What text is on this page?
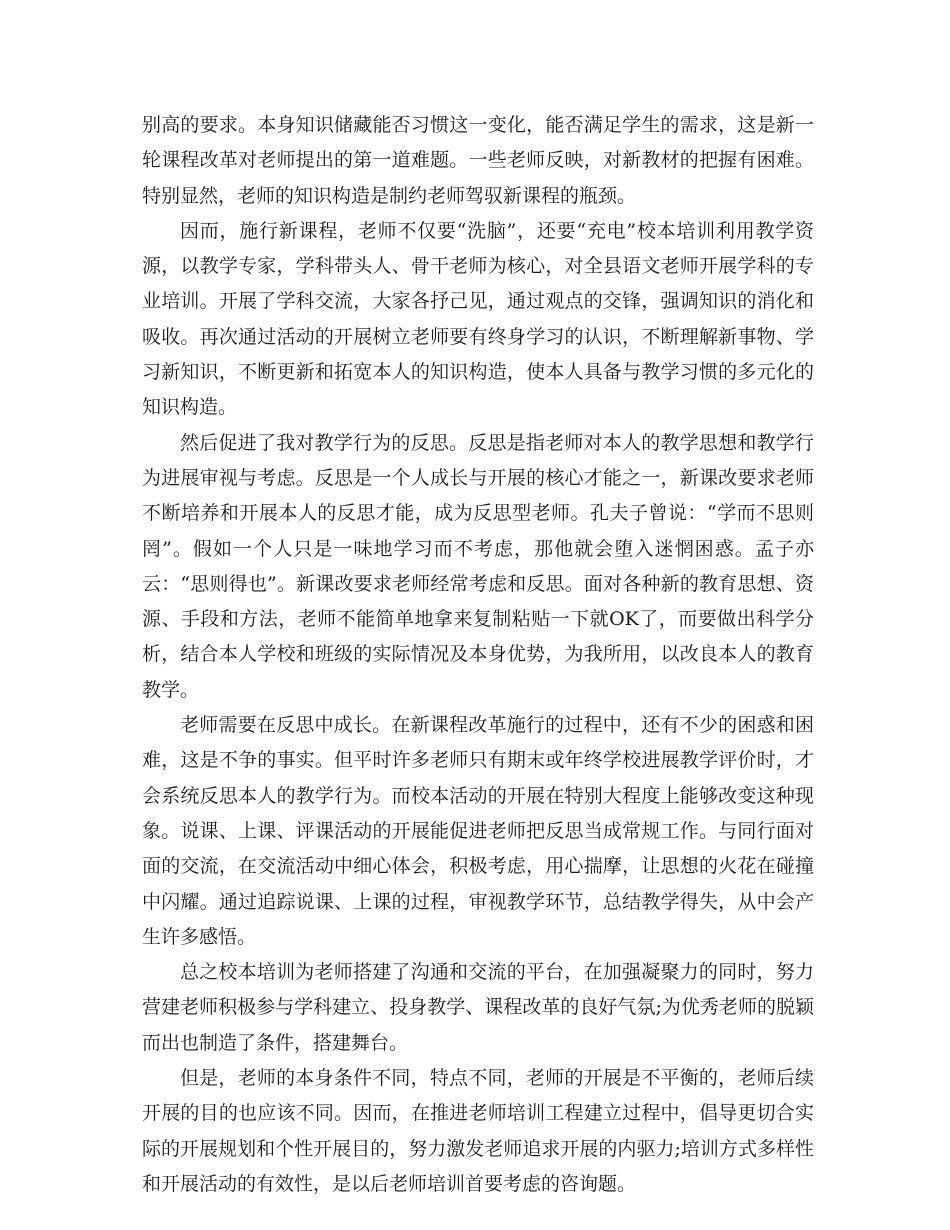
别高的要求。本身知识储藏能否习惯这一变化，能否满足学生的需求，这是新一轮课程改革对老师提出的第一道难题。一些老师反映，对新教材的把握有困难。特别显然，老师的知识构造是制约老师驾驭新课程的瓶颈。

因而，施行新课程，老师不仅要“洗脑”，还要“充电”校本培训利用教学资源，以教学专家，学科带头人、骨干老师为核心，对全县语文老师开展学科的专业培训。开展了学科交流，大家各抒己见，通过观点的交锋，强调知识的消化和吸收。再次通过活动的开展树立老师要有终身学习的认识，不断理解新事物、学习新知识，不断更新和拓宽本人的知识构造，使本人具备与教学习惯的多元化的知识构造。

然后促进了我对教学行为的反思。反思是指老师对本人的教学思想和教学行为进展审视与考虑。反思是一个人成长与开展的核心才能之一，新课改要求老师不断培养和开展本人的反思才能，成为反思型老师。孔夫子曾说：“学而不思则罔”。假如一个人只是一味地学习而不考虑，那他就会堕入迷惘困惑。孟子亦云：“思则得也”。新课改要求老师经常考虑和反思。面对各种新的教育思想、资源、手段和方法，老师不能简单地拿来复制粘贴一下就OK了，而要做出科学分析，结合本人学校和班级的实际情况及本身优势，为我所用，以改良本人的教育教学。

老师需要在反思中成长。在新课程改革施行的过程中，还有不少的困惑和困难，这是不争的事实。但平时许多老师只有期末或年终学校进展教学评价时，才会系统反思本人的教学行为。而校本活动的开展在特别大程度上能够改变这种现象。说课、上课、评课活动的开展能促进老师把反思当成常规工作。与同行面对面的交流，在交流活动中细心体会，积极考虑，用心揣摩，让思想的火花在碰撞中闪耀。通过追踪说课、上课的过程，审视教学环节，总结教学得失，从中会产生许多感悟。

总之校本培训为老师搭建了沟通和交流的平台，在加强凝聚力的同时，努力营建老师积极参与学科建立、投身教学、课程改革的良好气氛;为优秀老师的脱颖而出也制造了条件，搭建舞台。

但是，老师的本身条件不同，特点不同，老师的开展是不平衡的，老师后续开展的目的也应该不同。因而，在推进老师培训工程建立过程中，倡导更切合实际的开展规划和个性开展目的，努力激发老师追求开展的内驱力;培训方式多样性和开展活动的有效性，是以后老师培训首要考虑的咨询题。
